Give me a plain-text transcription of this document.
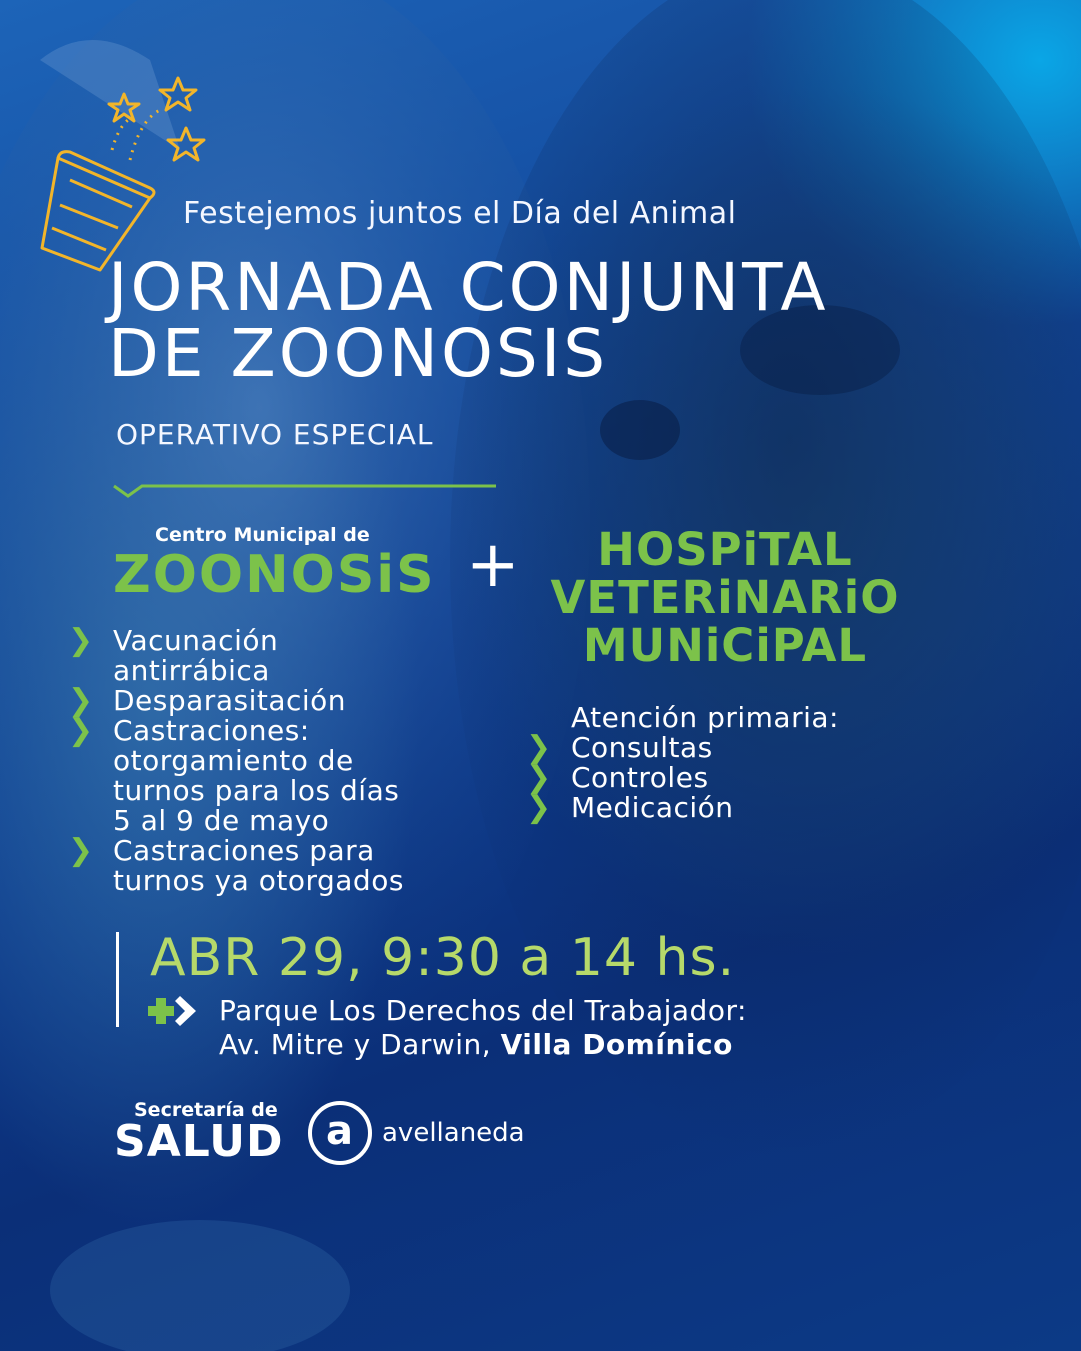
Festejemos juntos el Día del Animal
JORNADA CONJUNTA
DE ZOONOSIS
OPERATIVO ESPECIAL
Centro Municipal de
ZOONOSiS +	HOSPiTAL
VETERiNARiO
MUNiCiPAL
❯ Vacunación
antirrábica
❯ Desparasitación
❯ Castraciones:
otorgamiento de
turnos para los días
5 al 9 de mayo
❯ Castraciones para
turnos ya otorgados
Atención primaria:
❯ Consultas
❯ Controles
❯ Medicación
ABR 29, 9:30 a 14 hs.
Parque Los Derechos del Trabajador:
Av. Mitre y Darwin, Villa Domínico
Secretaría de
SALUD a avellaneda
